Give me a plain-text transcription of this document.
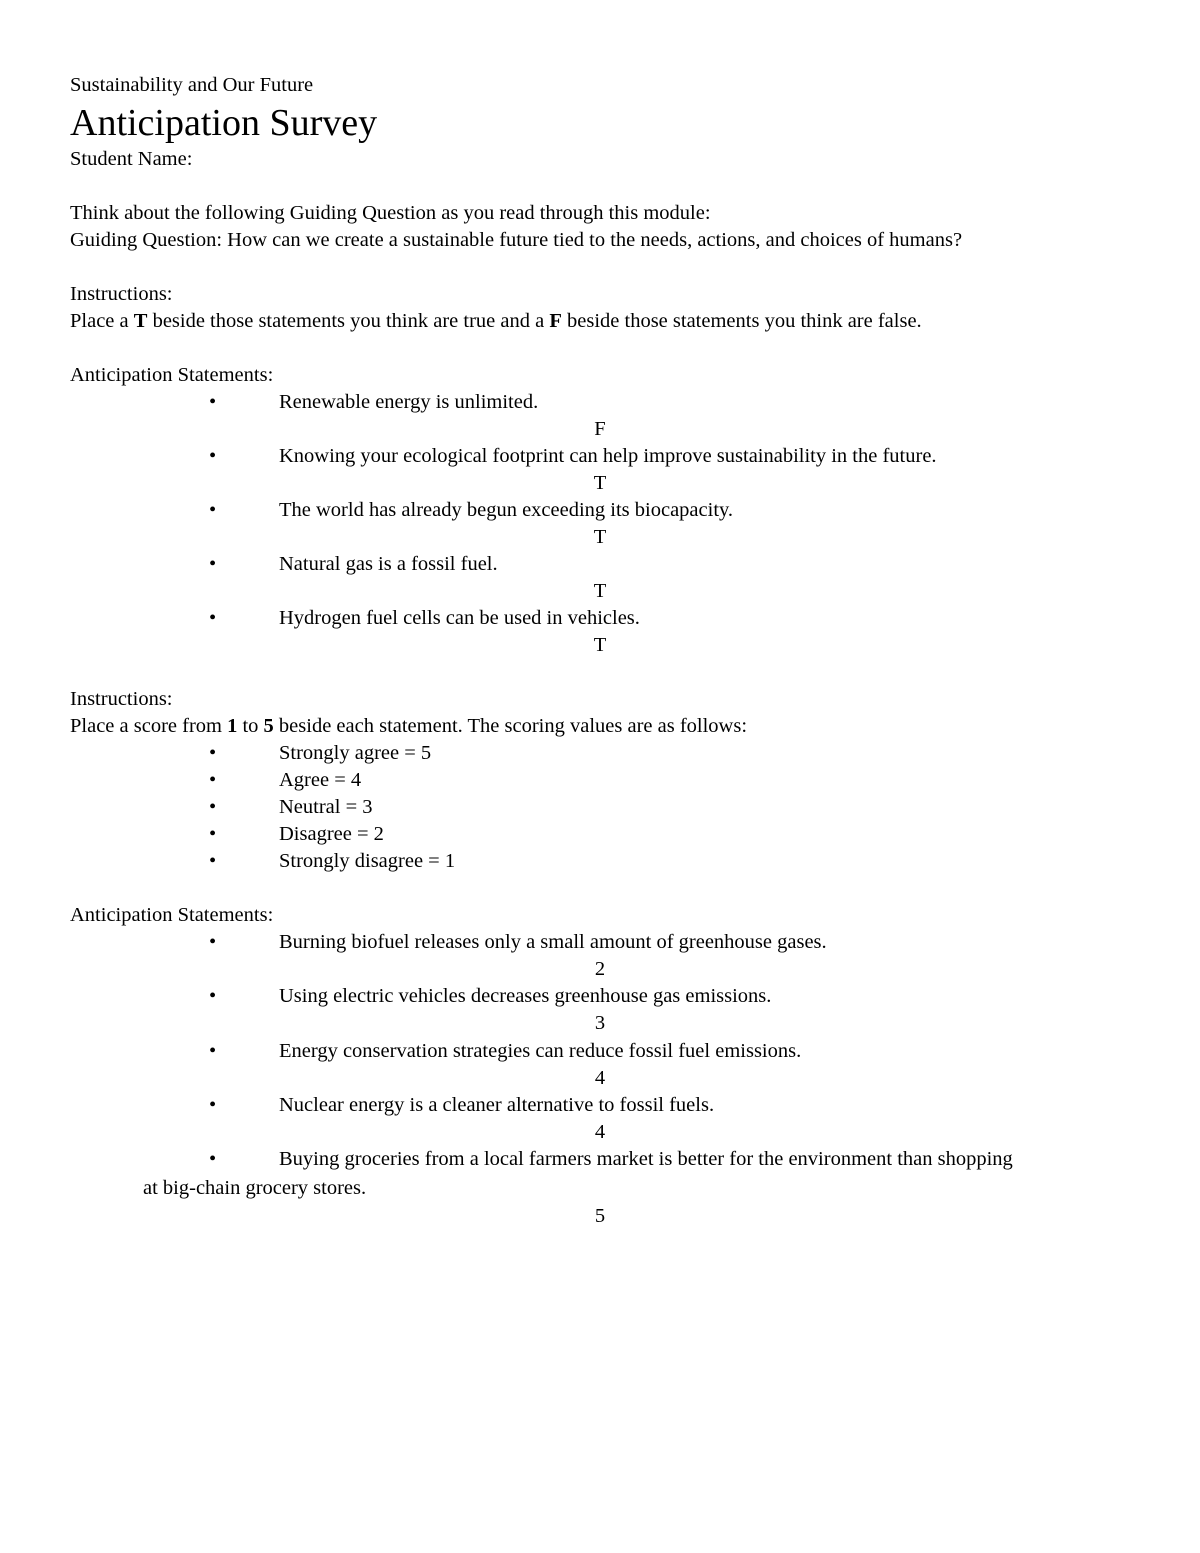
Sustainability and Our Future
Anticipation Survey
Student Name:
Think about the following Guiding Question as you read through this module:
Guiding Question: How can we create a sustainable future tied to the needs, actions, and choices of humans?
Instructions:
Place a T beside those statements you think are true and a F beside those statements you think are false.
Anticipation Statements:
•	Renewable energy is unlimited.
F
•	Knowing your ecological footprint can help improve sustainability in the future.
T
•	The world has already begun exceeding its biocapacity.
T
•	Natural gas is a fossil fuel.
T
•	Hydrogen fuel cells can be used in vehicles.
T
Instructions:
Place a score from 1 to 5 beside each statement. The scoring values are as follows:
•	Strongly agree = 5
•	Agree = 4
•	Neutral = 3
•	Disagree = 2
•	Strongly disagree = 1
Anticipation Statements:
•	Burning biofuel releases only a small amount of greenhouse gases.
2
•	Using electric vehicles decreases greenhouse gas emissions.
3
•	Energy conservation strategies can reduce fossil fuel emissions.
4
•	Nuclear energy is a cleaner alternative to fossil fuels.
4
•	Buying groceries from a local farmers market is better for the environment than shopping
at big-chain grocery stores.
5
